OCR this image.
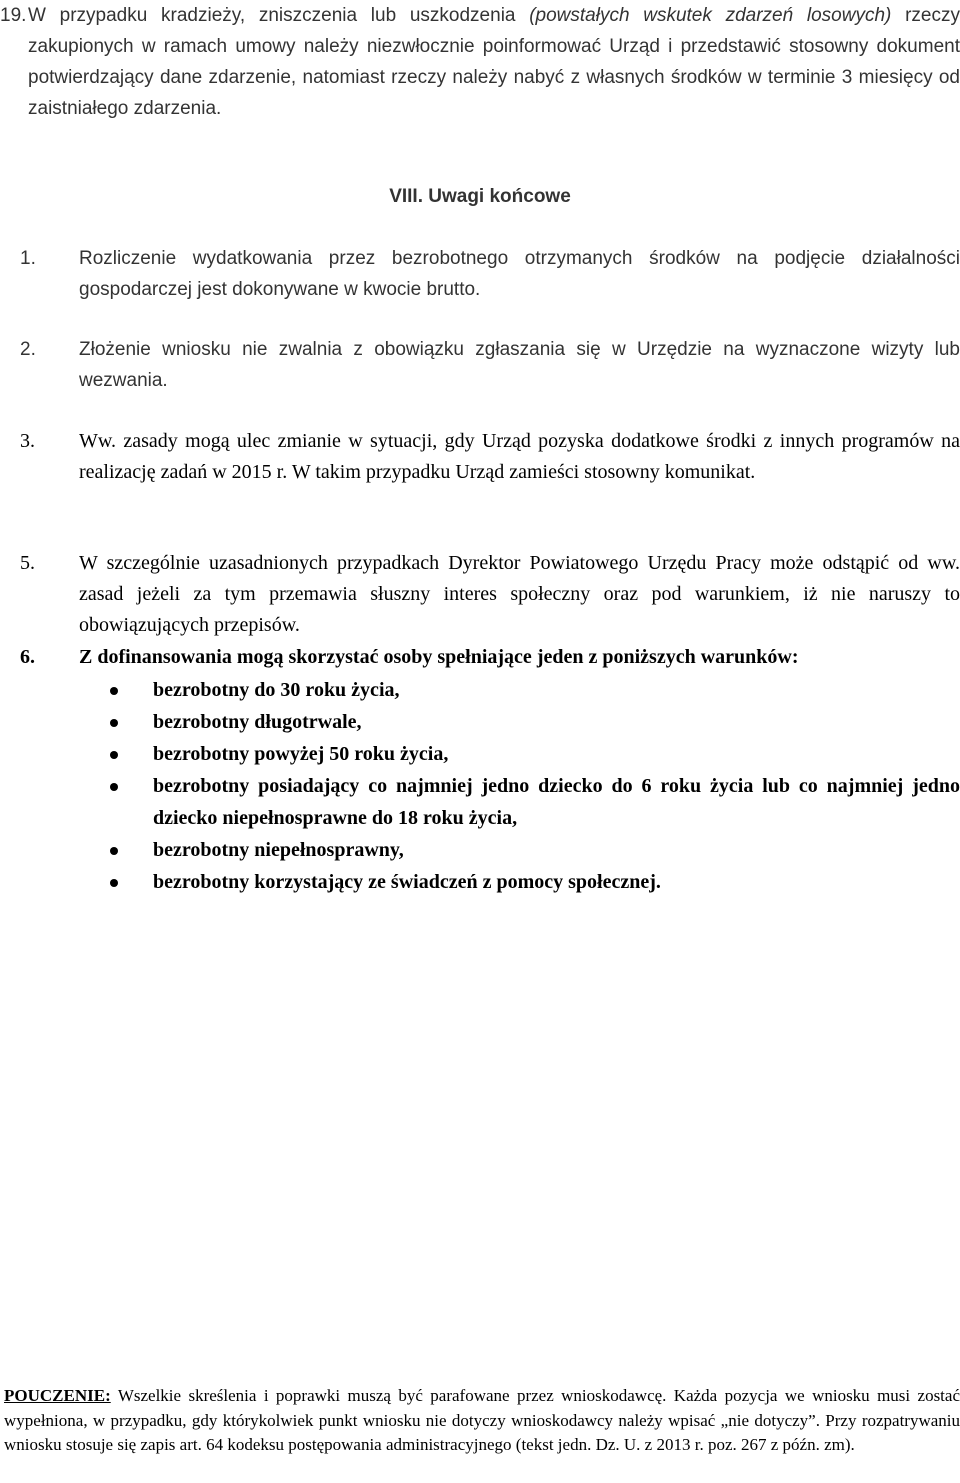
19. W przypadku kradzieży, zniszczenia lub uszkodzenia (powstałych wskutek zdarzeń losowych) rzeczy zakupionych w ramach umowy należy niezwłocznie poinformować Urząd i przedstawić stosowny dokument potwierdzający dane zdarzenie, natomiast rzeczy należy nabyć z własnych środków w terminie 3 miesięcy od zaistniałego zdarzenia.
VIII. Uwagi końcowe
1. Rozliczenie wydatkowania przez bezrobotnego otrzymanych środków na podjęcie działalności gospodarczej jest dokonywane w kwocie brutto.
2. Złożenie wniosku nie zwalnia z obowiązku zgłaszania się w Urzędzie na wyznaczone wizyty lub wezwania.
3. Ww. zasady mogą ulec zmianie w sytuacji, gdy Urząd pozyska dodatkowe środki z innych programów na realizację zadań w 2015 r. W takim przypadku Urząd zamieści stosowny komunikat.
5. W szczególnie uzasadnionych przypadkach Dyrektor Powiatowego Urzędu Pracy może odstąpić od ww. zasad jeżeli za tym przemawia słuszny interes społeczny oraz pod warunkiem, iż nie naruszy to obowiązujących przepisów.
6. Z dofinansowania mogą skorzystać osoby spełniające jeden z poniższych warunków:
bezrobotny do 30 roku życia,
bezrobotny długotrwale,
bezrobotny powyżej 50 roku życia,
bezrobotny posiadający co najmniej jedno dziecko do 6 roku życia lub co najmniej jedno dziecko niepełnosprawne do 18 roku życia,
bezrobotny niepełnosprawny,
bezrobotny korzystający ze świadczeń z pomocy społecznej.
POUCZENIE: Wszelkie skreślenia i poprawki muszą być parafowane przez wnioskodawcę. Każda pozycja we wniosku musi zostać wypełniona, w przypadku, gdy którykolwiek punkt wniosku nie dotyczy wnioskodawcy należy wpisać „nie dotyczy”. Przy rozpatrywaniu wniosku stosuje się zapis art. 64 kodeksu postępowania administracyjnego (tekst jedn. Dz. U. z 2013 r. poz. 267 z późn. zm).
